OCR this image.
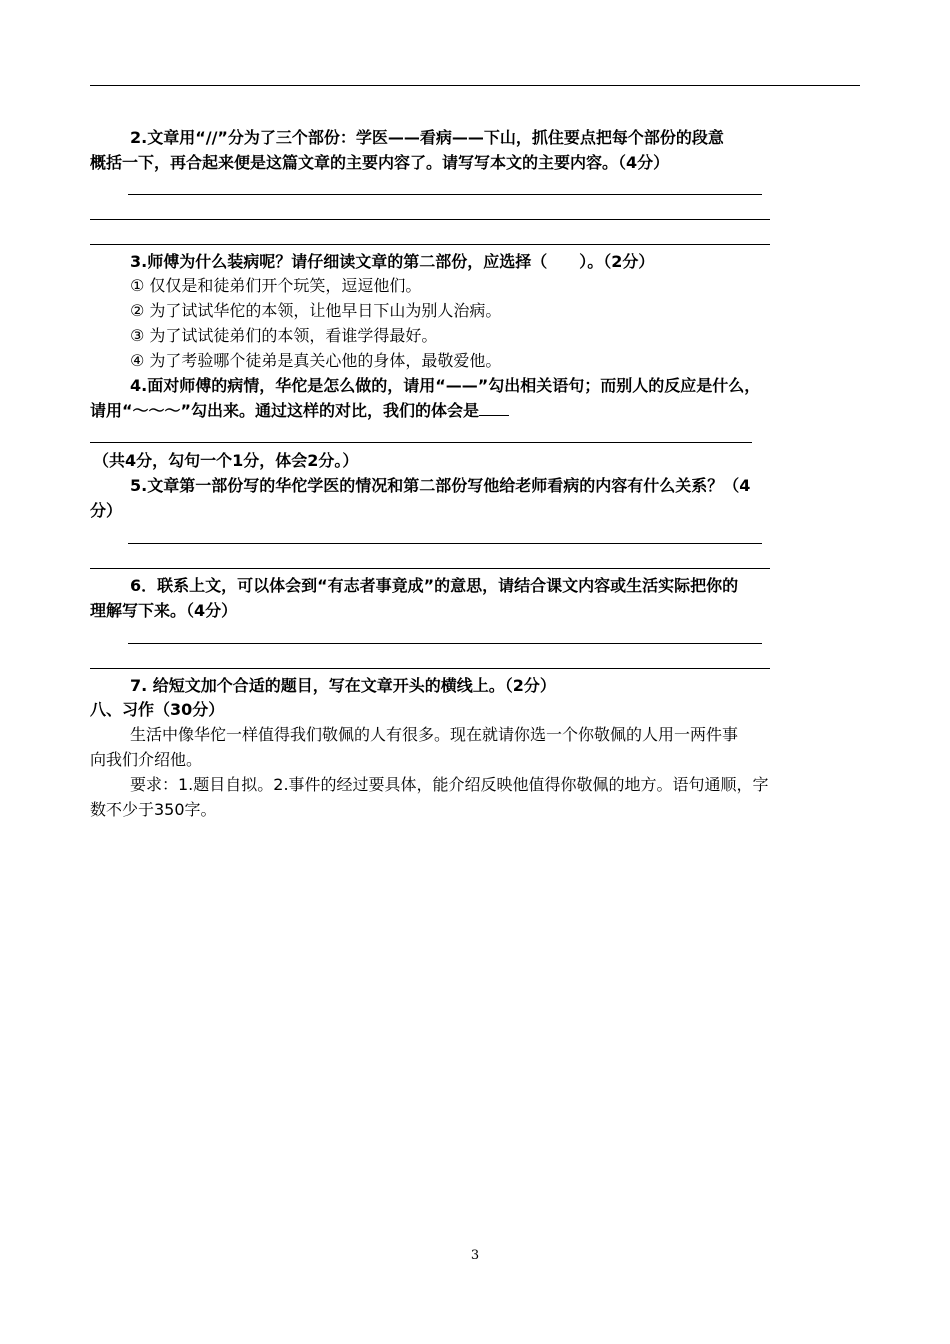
2.文章用“//”分为了三个部份：学医——看病——下山，抓住要点把每个部份的段意
概括一下，再合起来便是这篇文章的主要内容了。请写写本文的主要内容。（4分）
3.师傅为什么装病呢？请仔细读文章的第二部份，应选择（　　）。（2分）
① 仅仅是和徒弟们开个玩笑，逗逗他们。
② 为了试试华佗的本领，让他早日下山为别人治病。
③ 为了试试徒弟们的本领，看谁学得最好。
④ 为了考验哪个徒弟是真关心他的身体，最敬爱他。
4.面对师傅的病情，华佗是怎么做的，请用“——”勾出相关语句；而别人的反应是什么，
请用“～～～”勾出来。通过这样的对比，我们的体会是
（共4分，勾句一个1分，体会2分。）
5.文章第一部份写的华佗学医的情况和第二部份写他给老师看病的内容有什么关系？（4
分）
6．联系上文，可以体会到“有志者事竟成”的意思，请结合课文内容或生活实际把你的
理解写下来。（4分）
7. 给短文加个合适的题目，写在文章开头的横线上。（2分）
八、习作（30分）
生活中像华佗一样值得我们敬佩的人有很多。现在就请你选一个你敬佩的人用一两件事
向我们介绍他。
要求：1.题目自拟。2.事件的经过要具体，能介绍反映他值得你敬佩的地方。语句通顺，字
数不少于350字。
3
